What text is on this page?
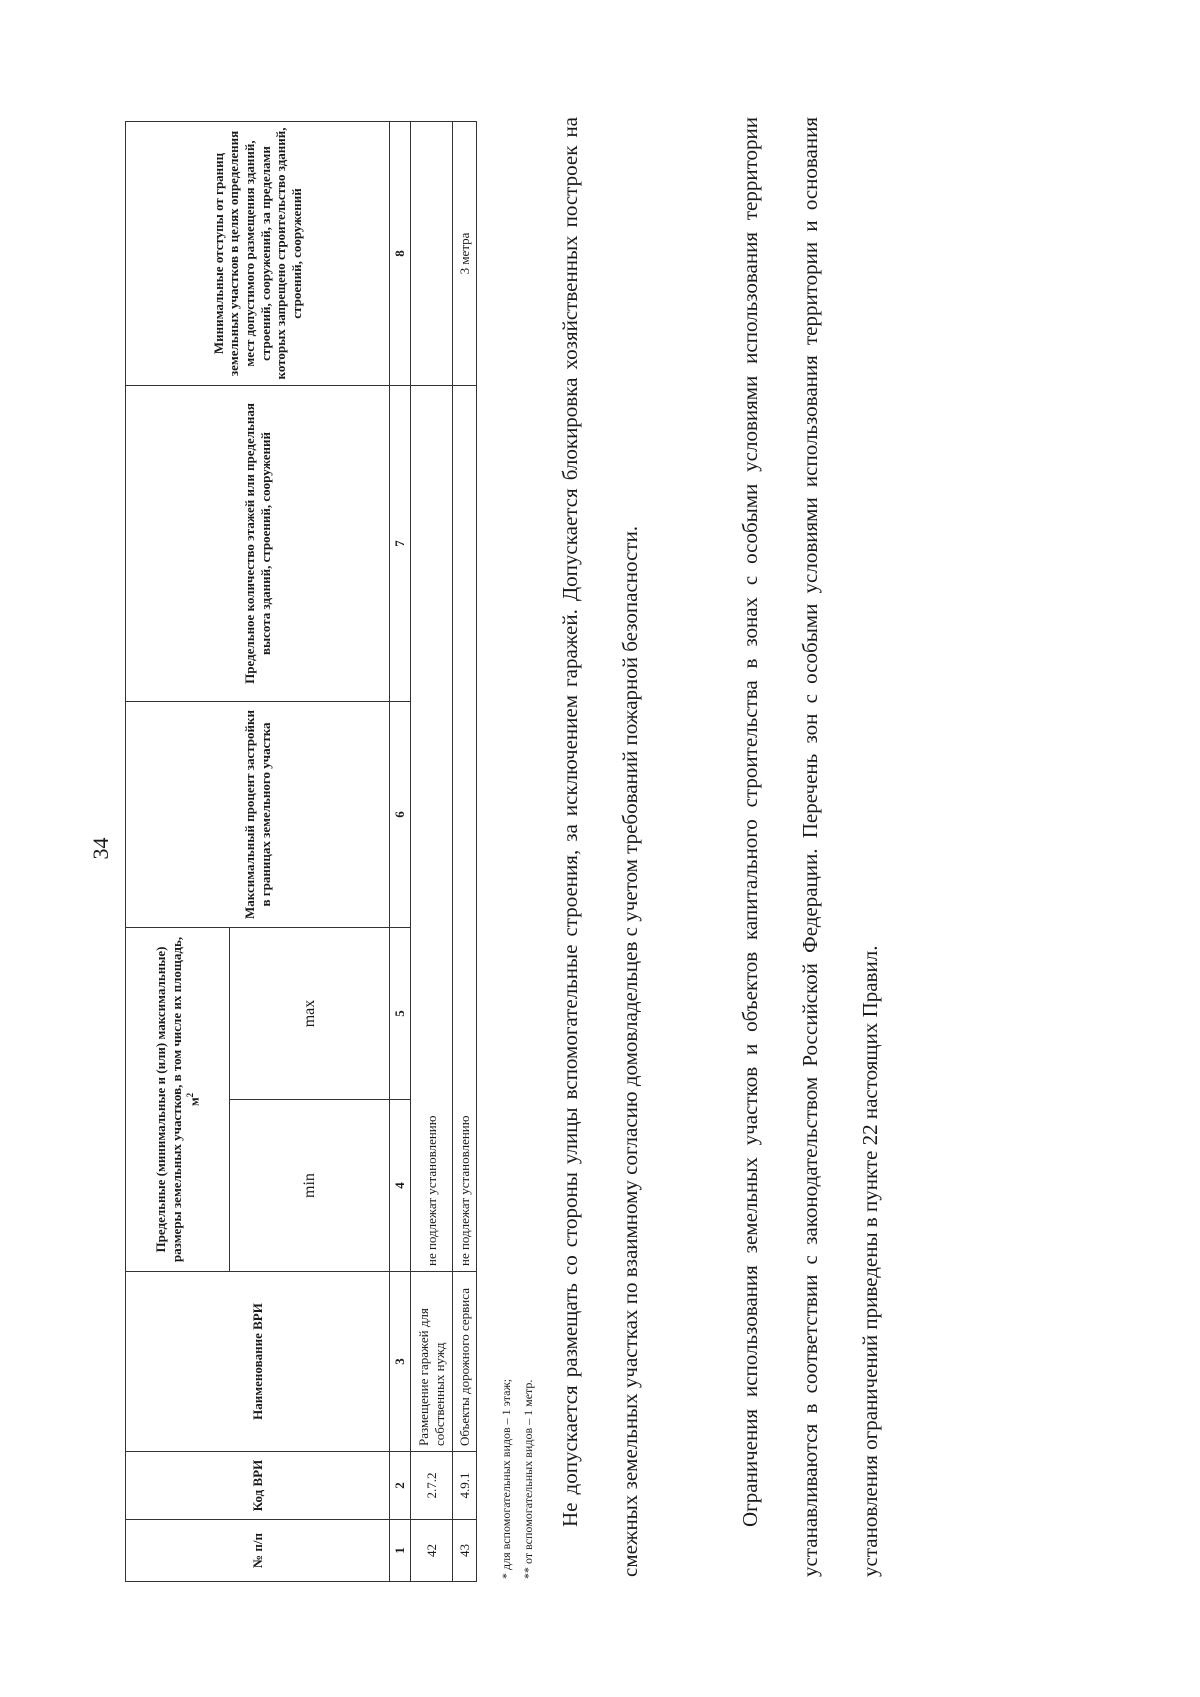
34
№ п/п	Код ВРИ	Наименование ВРИ	Предельные (минимальные и (или) максимальные) размеры земельных участков, в том числе их площадь, $м^2$		Максимальный процент застройки в границах земельного участка	Предельное количество этажей или предельная высота зданий, строений, сооружений	Минимальные отступы от границ земельных участков в целях определения мест допустимого размещения зданий, строений, сооружений, за пределами которых запрещено строительство зданий, строений, сооружений
			min	max			
1	2	3	4	5	6	7	8
42	2.7.2	Размещение гаражей для собственных нужд	не подлежат установлению				
43	4.9.1	Объекты дорожного сервиса	не подлежат установлению				3 метра
* для вспомогательных видов – 1 этаж; ** от вспомогательных видов – 1 метр.	Не допускается размещать со стороны улицы вспомогательные строения, за исключением гаражей. Допускается блокировка хозяйственных построек на смежных земельных участках по взаимному согласию домовладельцев с учетом требований пожарной безопасности.	Ограничения использования земельных участков и объектов капитального строительства в зонах с особыми условиями использования территории устанавливаются в соответствии с законодательством Российской Федерации. Перечень зон с особыми условиями использования территории и основания установления ограничений приведены в пункте 22 настоящих Правил.
